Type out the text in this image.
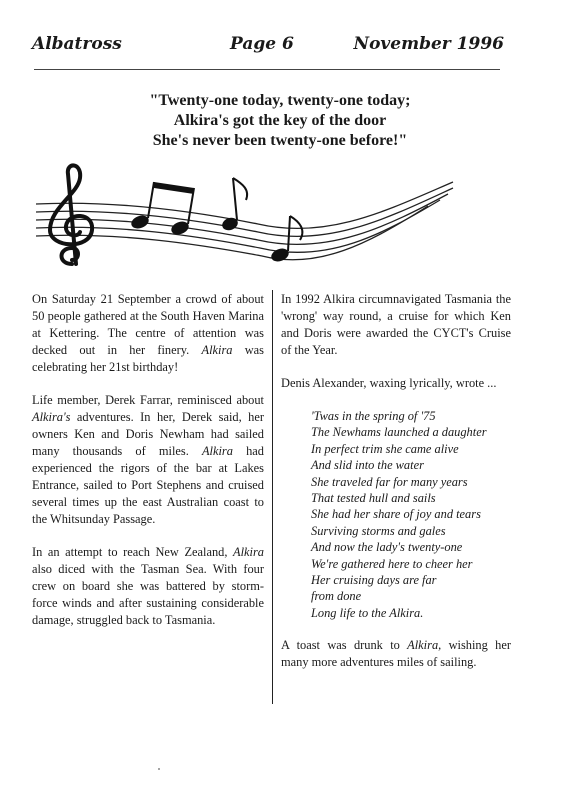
Albatross	Page 6	November 1996
"Twenty-one today, twenty-one today;
Alkira's got the key of the door
She's never been twenty-one before!"

On Saturday 21 September a crowd of about 50 people gathered at the South Haven Marina at Kettering. The centre of attention was decked out in her finery. Alkira was celebrating her 21st birthday!

Life member, Derek Farrar, reminisced about Alkira's adventures. In her, Derek said, her owners Ken and Doris Newham had sailed many thousands of miles. Alkira had experienced the rigors of the bar at Lakes Entrance, sailed to Port Stephens and cruised several times up the east Australian coast to the Whitsunday Passage.

In an attempt to reach New Zealand, Alkira also diced with the Tasman Sea. With four crew on board she was battered by storm-force winds and after sustaining considerable damage, struggled back to Tasmania.

In 1992 Alkira circumnavigated Tasmania the 'wrong' way round, a cruise for which Ken and Doris were awarded the CYCT's Cruise of the Year.

Denis Alexander, waxing lyrically, wrote ...

'Twas in the spring of '75
The Newhams launched a daughter
In perfect trim she came alive
And slid into the water
She traveled far for many years
That tested hull and sails
She had her share of joy and tears
Surviving storms and gales
And now the lady's twenty-one
We're gathered here to cheer her
Her cruising days are far from done
Long life to the Alkira.

A toast was drunk to Alkira, wishing her many more adventures miles of sailing.
